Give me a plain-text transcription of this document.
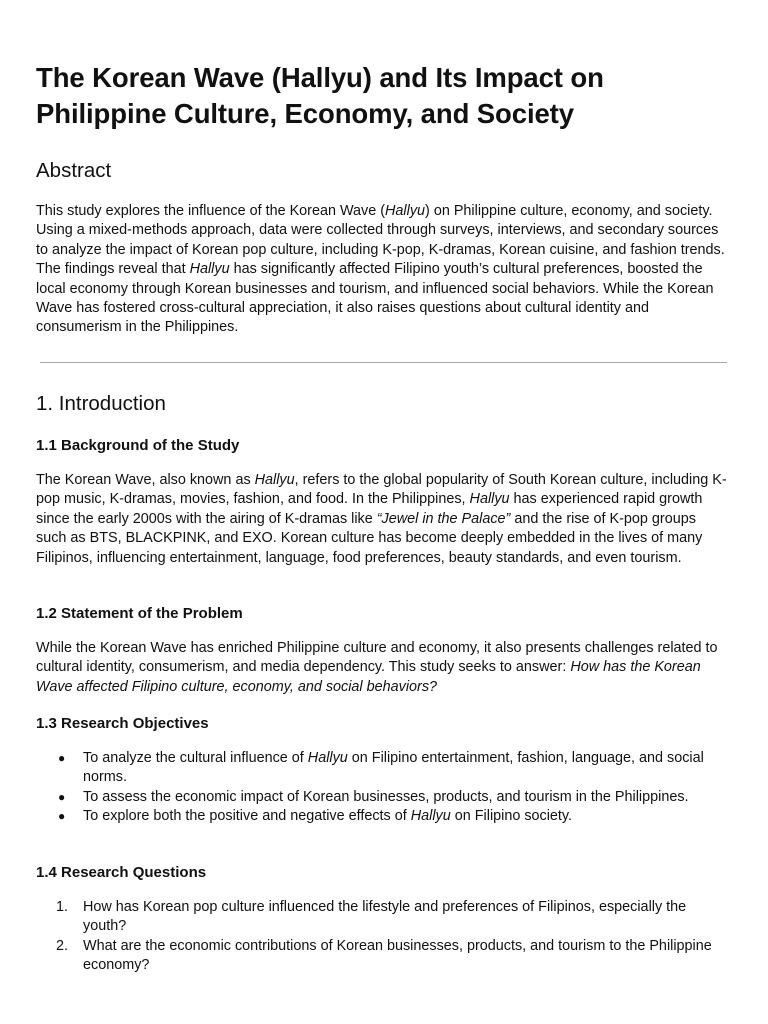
The Korean Wave (Hallyu) and Its Impact on Philippine Culture, Economy, and Society
Abstract

This study explores the influence of the Korean Wave (Hallyu) on Philippine culture, economy, and society. Using a mixed-methods approach, data were collected through surveys, interviews, and secondary sources to analyze the impact of Korean pop culture, including K-pop, K-dramas, Korean cuisine, and fashion trends. The findings reveal that Hallyu has significantly affected Filipino youth’s cultural preferences, boosted the local economy through Korean businesses and tourism, and influenced social behaviors. While the Korean Wave has fostered cross-cultural appreciation, it also raises questions about cultural identity and consumerism in the Philippines.

1. Introduction
1.1 Background of the Study

The Korean Wave, also known as Hallyu, refers to the global popularity of South Korean culture, including K-pop music, K-dramas, movies, fashion, and food. In the Philippines, Hallyu has experienced rapid growth since the early 2000s with the airing of K-dramas like “Jewel in the Palace” and the rise of K-pop groups such as BTS, BLACKPINK, and EXO. Korean culture has become deeply embedded in the lives of many Filipinos, influencing entertainment, language, food preferences, beauty standards, and even tourism.

1.2 Statement of the Problem

While the Korean Wave has enriched Philippine culture and economy, it also presents challenges related to cultural identity, consumerism, and media dependency. This study seeks to answer: How has the Korean Wave affected Filipino culture, economy, and social behaviors?

1.3 Research Objectives
● To analyze the cultural influence of Hallyu on Filipino entertainment, fashion, language, and social norms.
● To assess the economic impact of Korean businesses, products, and tourism in the Philippines.
● To explore both the positive and negative effects of Hallyu on Filipino society.
1.4 Research Questions
1. How has Korean pop culture influenced the lifestyle and preferences of Filipinos, especially the youth?
2. What are the economic contributions of Korean businesses, products, and tourism to the Philippine economy?
